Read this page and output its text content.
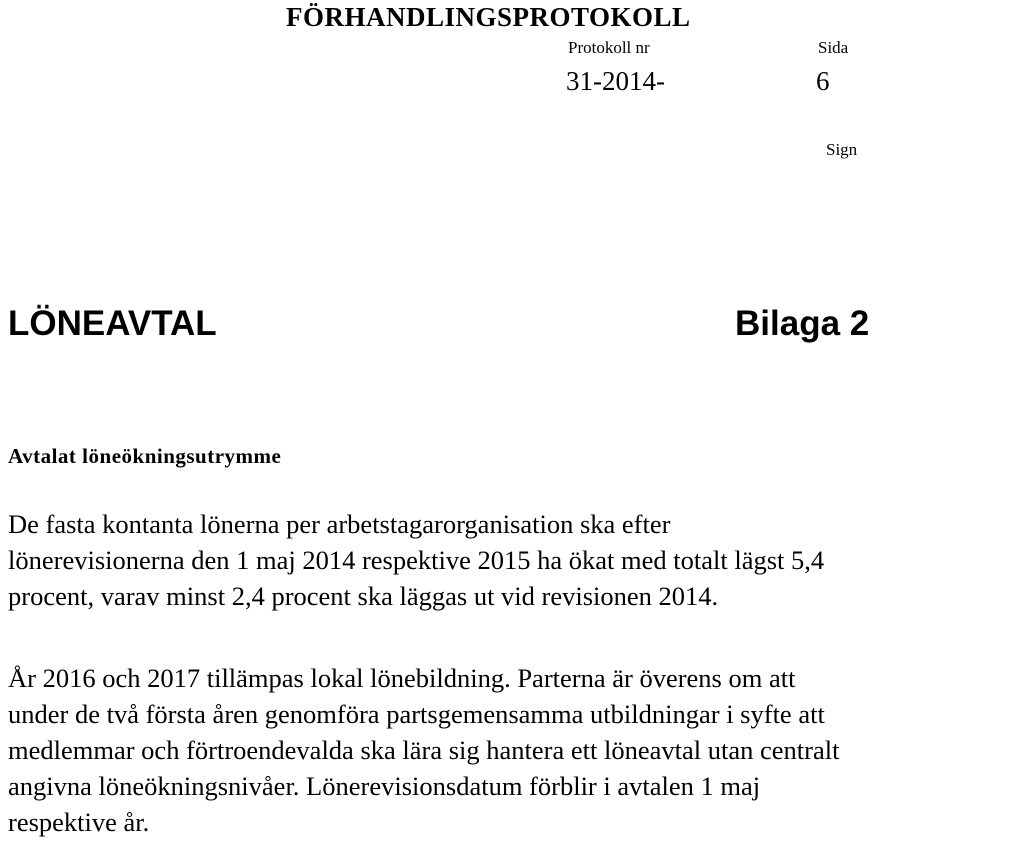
FÖRHANDLINGSPROTOKOLL
Protokoll nr
31-2014-
Sida
6
Sign
LÖNEAVTAL	Bilaga 2
Avtalat löneökningsutrymme

De fasta kontanta lönerna per arbetstagarorganisation ska efter
lönerevisionerna den 1 maj 2014 respektive 2015 ha ökat med totalt lägst 5,4
procent, varav minst 2,4 procent ska läggas ut vid revisionen 2014.

År 2016 och 2017 tillämpas lokal lönebildning. Parterna är överens om att
under de två första åren genomföra partsgemensamma utbildningar i syfte att
medlemmar och förtroendevalda ska lära sig hantera ett löneavtal utan centralt
angivna löneökningsnivåer. Lönerevisionsdatum förblir i avtalen 1 maj
respektive år.
